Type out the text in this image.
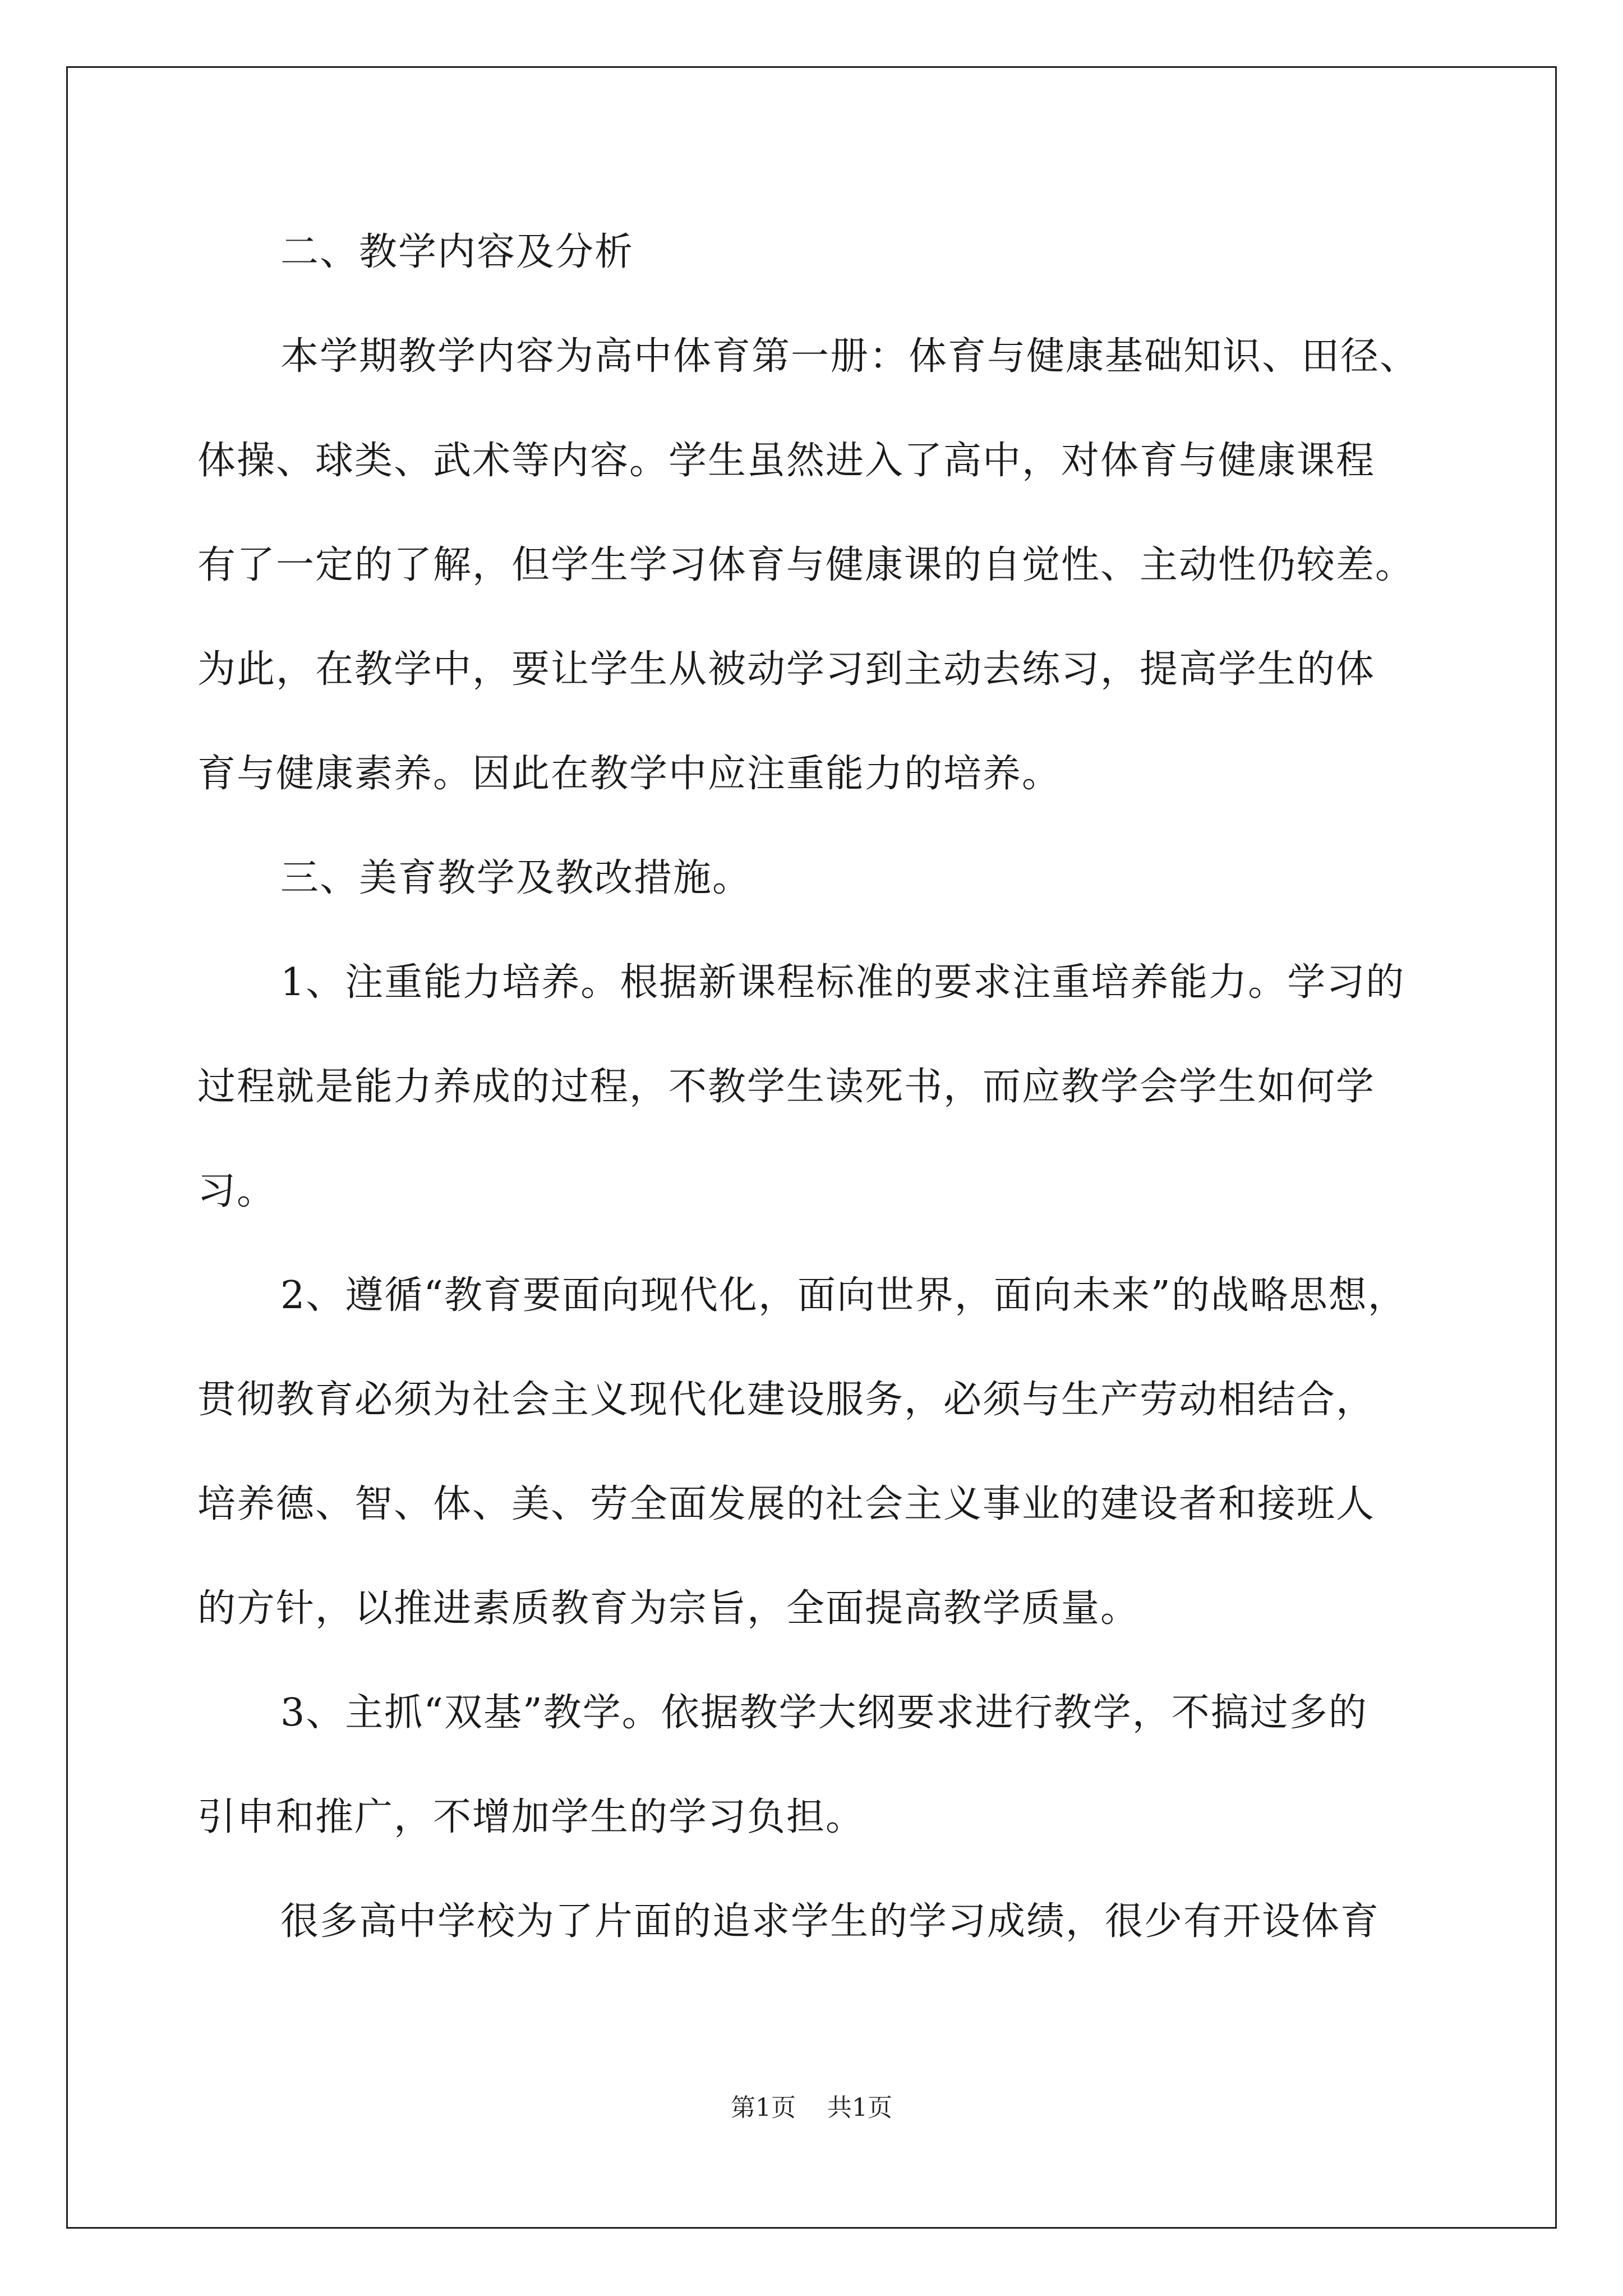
二、教学内容及分析
本学期教学内容为高中体育第一册：体育与健康基础知识、田径、
体操、球类、武术等内容。学生虽然进入了高中，对体育与健康课程
有了一定的了解，但学生学习体育与健康课的自觉性、主动性仍较差。
为此，在教学中，要让学生从被动学习到主动去练习，提高学生的体
育与健康素养。因此在教学中应注重能力的培养。
三、美育教学及教改措施。
1、注重能力培养。根据新课程标准的要求注重培养能力。学习的
过程就是能力养成的过程，不教学生读死书，而应教学会学生如何学
习。
2、遵循“教育要面向现代化，面向世界，面向未来”的战略思想，
贯彻教育必须为社会主义现代化建设服务，必须与生产劳动相结合，
培养德、智、体、美、劳全面发展的社会主义事业的建设者和接班人
的方针，以推进素质教育为宗旨，全面提高教学质量。
3、主抓“双基”教学。依据教学大纲要求进行教学，不搞过多的
引申和推广，不增加学生的学习负担。
很多高中学校为了片面的追求学生的学习成绩，很少有开设体育
第1页    共1页
